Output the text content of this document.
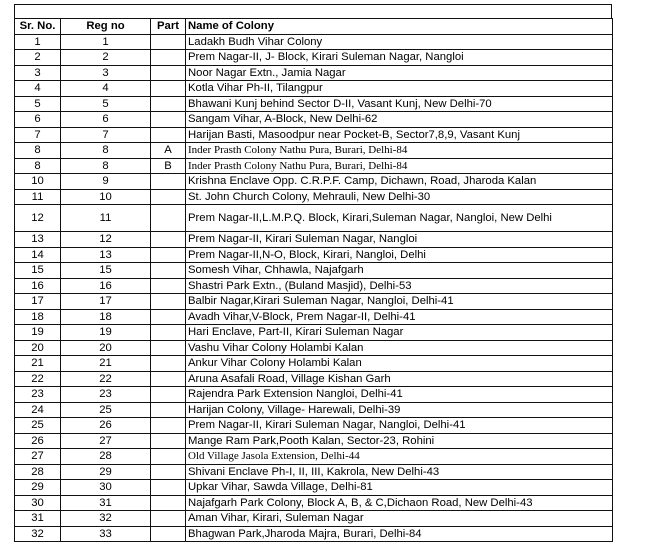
Sr. No.	Reg no	Part	Name of Colony
1	1		Ladakh Budh Vihar Colony
2	2		Prem Nagar-II, J- Block, Kirari Suleman Nagar, Nangloi
3	3		Noor Nagar Extn., Jamia Nagar
4	4		Kotla Vihar Ph-II, Tilangpur
5	5		Bhawani Kunj behind Sector D-II, Vasant Kunj, New Delhi-70
6	6		Sangam Vihar, A-Block, New Delhi-62
7	7		Harijan Basti, Masoodpur near Pocket-B, Sector7,8,9, Vasant Kunj
8	8	A	Inder Prasth Colony Nathu Pura, Burari, Delhi-84
8	8	B	Inder Prasth Colony Nathu Pura, Burari, Delhi-84
10	9		Krishna Enclave Opp. C.R.P.F. Camp, Dichawn, Road, Jharoda Kalan
11	10		St. John Church Colony, Mehrauli, New Delhi-30
12	11		Prem Nagar-II,L.M.P.Q. Block, Kirari,Suleman Nagar, Nangloi, New Delhi
13	12		Prem Nagar-II, Kirari Suleman Nagar, Nangloi
14	13		Prem Nagar-II,N-O, Block, Kirari, Nangloi, Delhi
15	15		Somesh Vihar, Chhawla, Najafgarh
16	16		Shastri Park Extn., (Buland Masjid), Delhi-53
17	17		Balbir Nagar,Kirari Suleman Nagar, Nangloi, Delhi-41
18	18		Avadh Vihar,V-Block, Prem Nagar-II, Delhi-41
19	19		Hari Enclave, Part-II, Kirari Suleman Nagar
20	20		Vashu Vihar Colony Holambi Kalan
21	21		Ankur Vihar Colony Holambi Kalan
22	22		Aruna Asafali Road, Village Kishan Garh
23	23		Rajendra Park Extension Nangloi, Delhi-41
24	25		Harijan Colony, Village- Harewali, Delhi-39
25	26		Prem Nagar-II, Kirari Suleman Nagar, Nangloi, Delhi-41
26	27		Mange Ram Park,Pooth Kalan, Sector-23, Rohini
27	28		Old Village Jasola Extension, Delhi-44
28	29		Shivani Enclave Ph-I, II, III, Kakrola, New Delhi-43
29	30		Upkar Vihar, Sawda Village, Delhi-81
30	31		Najafgarh Park Colony, Block A, B, & C,Dichaon Road, New Delhi-43
31	32		Aman Vihar, Kirari, Suleman Nagar
32	33		Bhagwan Park,Jharoda Majra, Burari, Delhi-84
